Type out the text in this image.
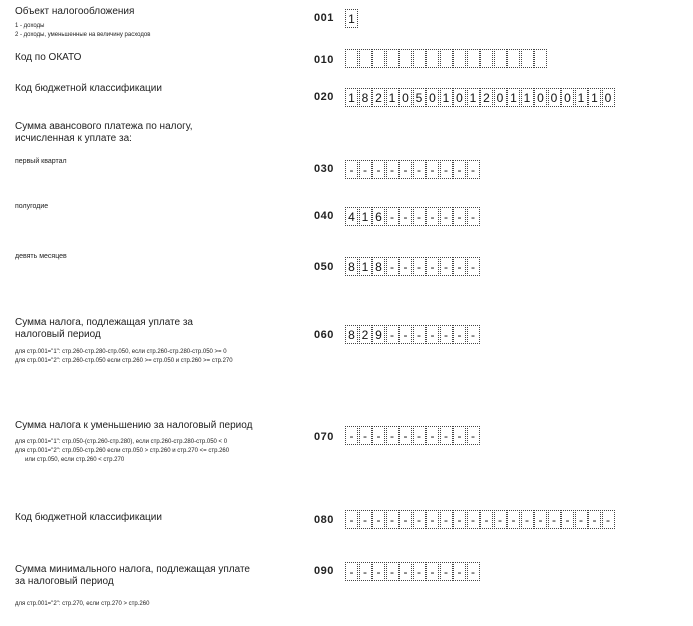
Объект налогообложения
1 - доходы
2 - доходы, уменьшенные на величину расходов
001 1
Код по ОКАТО	010
Код бюджетной классификации
020 1 8 2 1 0 5 0 1 0 1 2 0 1 1 0 0 0 1 1 0
Сумма авансового платежа по налогу,
исчисленная к уплате за:
первый квартал
030	- - - - - - - - - -
полугодие
040 4 1 6 - - - - - - -
девять месяцев
050 8 1 8 - - - - - - -
Сумма налога, подлежащая уплате за
налоговый период
для стр.001="1": стр.260-стр.280-стр.050, если стр.260-стр.280-стр.050 >= 0
для стр.001="2": стр.260-стр.050 если стр.260 >= стр.050 и стр.260 >= стр.270
060 8 2 9 - - - - - - -
Сумма налога к уменьшению за налоговый период
для стр.001="1": стр.050-(стр.260-стр.280), если стр.260-стр.280-стр.050 < 0
для стр.001="2": стр.050-стр.260 если стр.050 > стр.260 и стр.270 <= стр.260
или стр.050, если стр.260 < стр.270
070	- - - - - - - - - -
Код бюджетной классификации	080	- - - - - - - - - - - - - - - - - - - -
Сумма минимального налога, подлежащая уплате
за налоговый период
для стр.001="2": стр.270, если стр.270 > стр.260
090	- - - - - - - - - -
